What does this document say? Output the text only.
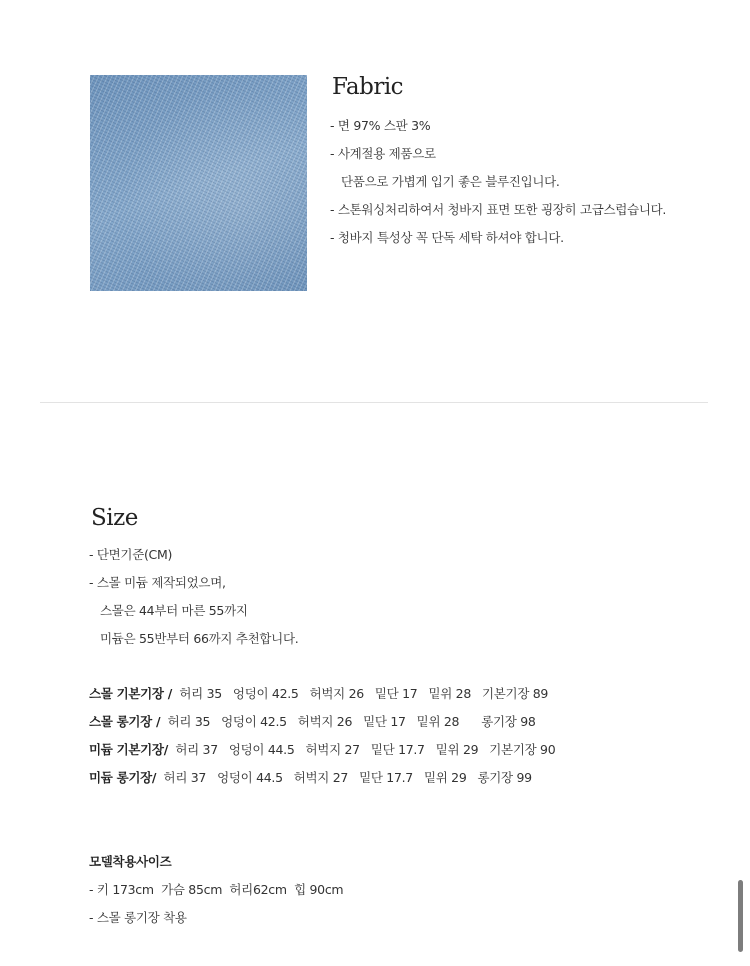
Fabric
- 면 97% 스판 3%
- 사계절용 제품으로
단품으로 가볍게 입기 좋은 블루진입니다.
- 스톤워싱처리하여서 청바지 표면 또한 굉장히 고급스럽습니다.
- 청바지 특성상 꼭 단독 세탁 하셔야 합니다.
Size
- 단면기준(CM)
- 스몰 미듐 제작되었으며,
스몰은 44부터 마른 55까지
미듐은 55반부터 66까지 추천합니다.
스몰 기본기장 /  허리 35   엉덩이 42.5   허벅지 26   밑단 17   밑위 28   기본기장 89
스몰 롱기장 /  허리 35   엉덩이 42.5   허벅지 26   밑단 17   밑위 28      롱기장 98
미듐 기본기장/  허리 37   엉덩이 44.5   허벅지 27   밑단 17.7   밑위 29   기본기장 90
미듐 롱기장/  허리 37   엉덩이 44.5   허벅지 27   밑단 17.7   밑위 29   롱기장 99
모델착용사이즈
- 키 173cm  가슴 85cm  허리62cm  힙 90cm
- 스몰 롱기장 착용
